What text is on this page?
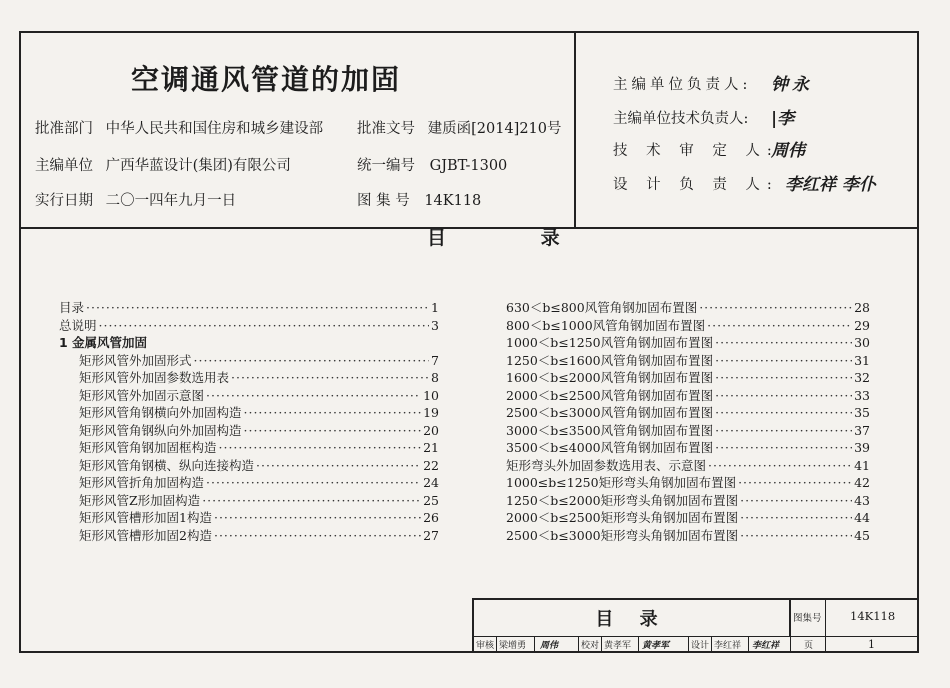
空调通风管道的加固
批准部门 中华人民共和国住房和城乡建设部 批准文号 建质函[2014]210号
主编单位 广西华蓝设计(集团)有限公司	统一编号 GJBT-1300
实行日期 二〇一四年九月一日	图 集 号 14K118
主编单位负责人: 钟永
主编单位技术负责人: |李
技 术 审 定 人:
周伟
设 计 负 责 人: 李红祥 李仆
目 录
目录 ·····	1
总说明 ·····	3
1 金属风管加固
矩形风管外加固形式 ·····	7
矩形风管外加固参数选用表 ·····	8
矩形风管外加固示意图 ·····	10
矩形风管角钢横向外加固构造 ·····	19
矩形风管角钢纵向外加固构造 ·····	20
矩形风管角钢加固框构造 ·····	21
矩形风管角钢横、纵向连接构造 ·····	22
矩形风管折角加固构造 ·····	24
矩形风管Z形加固构造 ·····	25
矩形风管槽形加固1构造 ·····	26
矩形风管槽形加固2构造 ·····	27
630＜b≤800风管角钢加固布置图 ·····	28
800＜b≤1000风管角钢加固布置图 ·····	29
1000＜b≤1250风管角钢加固布置图 ·····	30
1250＜b≤1600风管角钢加固布置图 ·····	31
1600＜b≤2000风管角钢加固布置图 ·····	32
2000＜b≤2500风管角钢加固布置图 ·····	33
2500＜b≤3000风管角钢加固布置图 ·····	35
3000＜b≤3500风管角钢加固布置图 ·····	37
3500＜b≤4000风管角钢加固布置图 ·····	39
矩形弯头外加固参数选用表、示意图 ·····	41
1000≤b≤1250矩形弯头角钢加固布置图 ·····	42
1250＜b≤2000矩形弯头角钢加固布置图 ·····	43
2000＜b≤2500矩形弯头角钢加固布置图 ·····	44
2500＜b≤3000矩形弯头角钢加固布置图 ·····	45
目 录	图集号 14K118
审核 梁增勇 周伟	校对 黄孝军 黄孝军 设计 李红祥 李红祥	页	1
